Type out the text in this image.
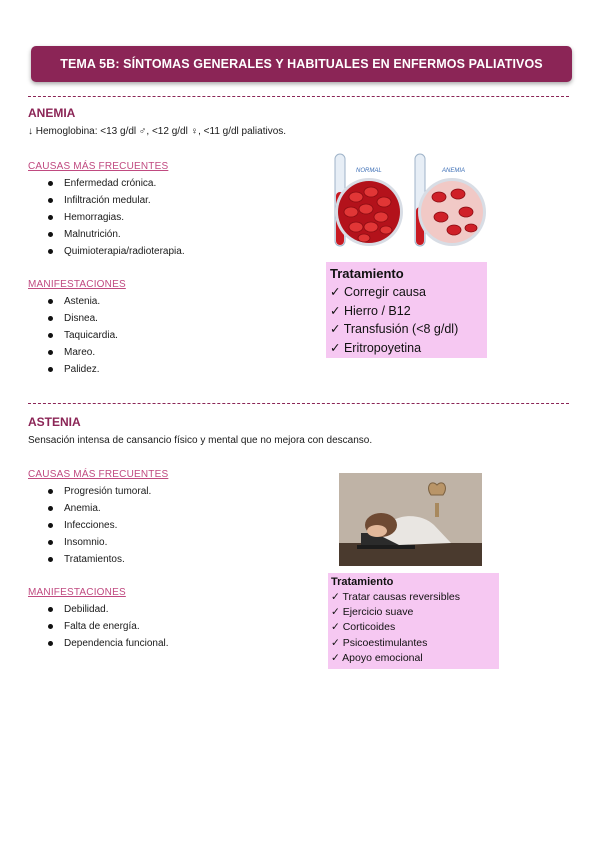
TEMA 5B: SÍNTOMAS GENERALES Y HABITUALES EN ENFERMOS PALIATIVOS
ANEMIA
↓ Hemoglobina: <13 g/dl ♂, <12 g/dl ♀, <11 g/dl paliativos.
CAUSAS MÁS FRECUENTES
Enfermedad crónica.
Infiltración medular.
Hemorragias.
Malnutrición.
Quimioterapia/radioterapia.
MANIFESTACIONES
Astenia.
Disnea.
Taquicardia.
Mareo.
Palidez.
NORMAL	ANEMIA
Tratamiento
✓ Corregir causa
✓ Hierro / B12
✓ Transfusión (<8 g/dl)
✓ Eritropoyetina
ASTENIA
Sensación intensa de cansancio físico y mental que no mejora con descanso.
CAUSAS MÁS FRECUENTES
Progresión tumoral.
Anemia.
Infecciones.
Insomnio.
Tratamientos.
MANIFESTACIONES
Debilidad.
Falta de energía.
Dependencia funcional.
Tratamiento
✓ Tratar causas reversibles
✓ Ejercicio suave
✓ Corticoides
✓ Psicoestimulantes
✓ Apoyo emocional
